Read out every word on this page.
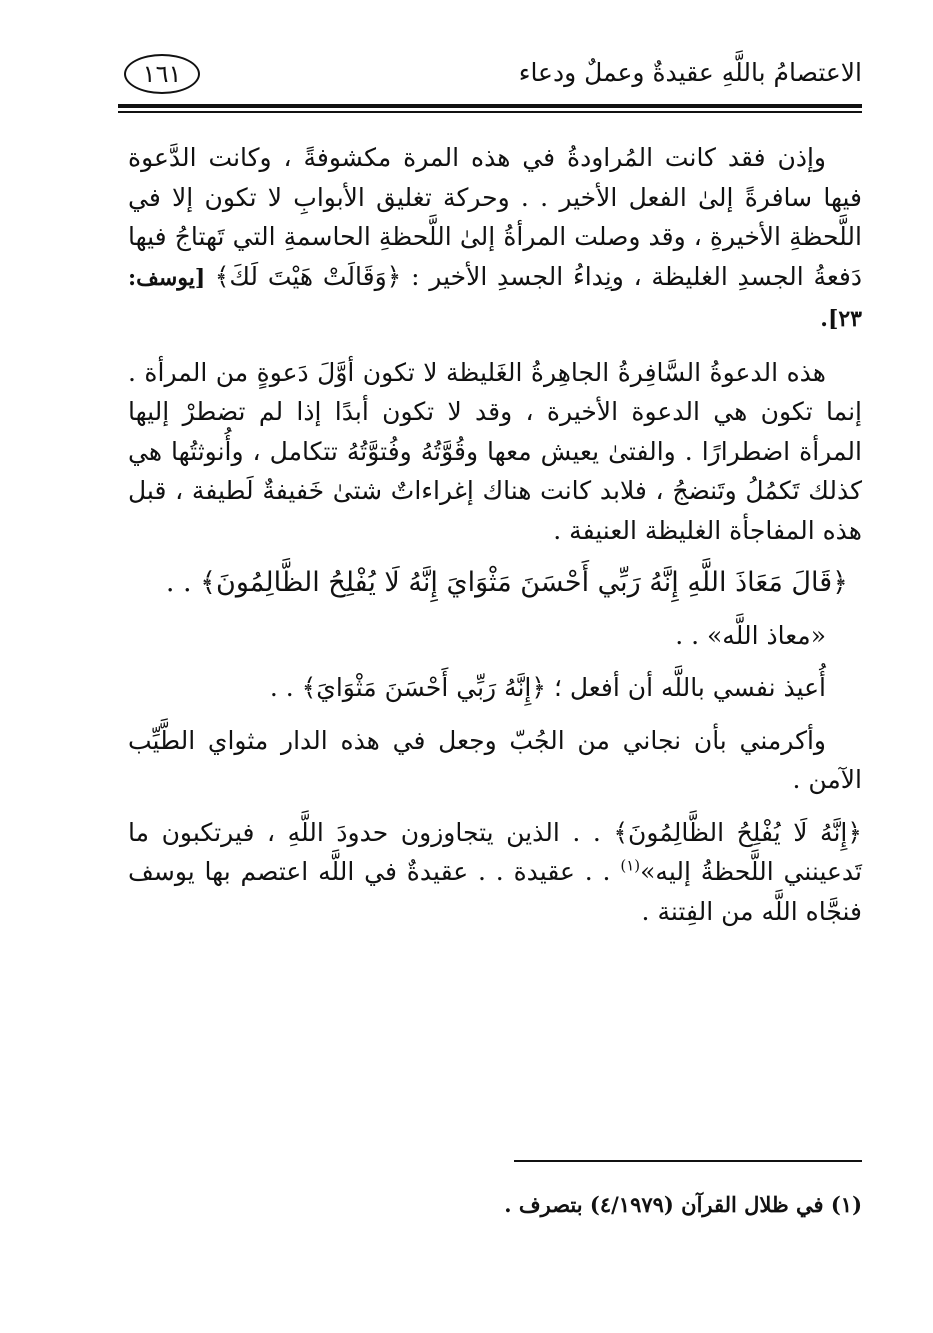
الاعتصامُ باللَّهِ عقيدةٌ وعملٌ ودعاء
١٦١

وإذن فقد كانت المُراودةُ في هذه المرة مكشوفةً ، وكانت الدَّعوة فيها سافرةً إلىٰ الفعل الأخير . . وحركة تغليق الأبوابِ لا تكون إلا في اللَّحظةِ الأخيرةِ ، وقد وصلت المرأةُ إلىٰ اللَّحظةِ الحاسمةِ التي تَهتاجُ فيها دَفعةُ الجسدِ الغليظة ، ونِداءُ الجسدِ الأخير : ﴿وَقَالَتْ هَيْتَ لَكَ﴾ [يوسف: ٢٣].

هذه الدعوةُ السَّافِرةُ الجاهِرةُ الغَليظة لا تكون أوَّلَ دَعوةٍ من المرأة . إنما تكون هي الدعوة الأخيرة ، وقد لا تكون أبدًا إذا لم تضطرْ إليها المرأة اضطرارًا . والفتىٰ يعيش معها وقُوَّتُهُ وفُتوَّتُهُ تتكامل ، وأُنوثتُها هي كذلك تَكمُلُ وتَنضجُ ، فلابد كانت هناك إغراءاتٌ شتىٰ خَفيفةٌ لَطيفة ، قبل هذه المفاجأة الغليظة العنيفة .

﴿قَالَ مَعَاذَ اللَّهِ إِنَّهُ رَبِّي أَحْسَنَ مَثْوَايَ إِنَّهُ لَا يُفْلِحُ الظَّالِمُونَ﴾ . .

«معاذ اللَّه» . .

أُعيذ نفسي باللَّه أن أفعل ؛ ﴿إِنَّهُ رَبِّي أَحْسَنَ مَثْوَايَ﴾ . .

وأكرمني بأن نجاني من الجُبّ وجعل في هذه الدار مثواي الطَّيِّب الآمن .

﴿إِنَّهُ لَا يُفْلِحُ الظَّالِمُونَ﴾ . . الذين يتجاوزون حدودَ اللَّهِ ، فيرتكبون ما تَدعينني اللَّحظةُ إليه»$^{(١)}$ . . عقيدة . . عقيدةٌ في اللَّه اعتصم بها يوسف فنجَّاه اللَّه من الفِتنة .

(١) في ظلال القرآن (٤/١٩٧٩) بتصرف .
